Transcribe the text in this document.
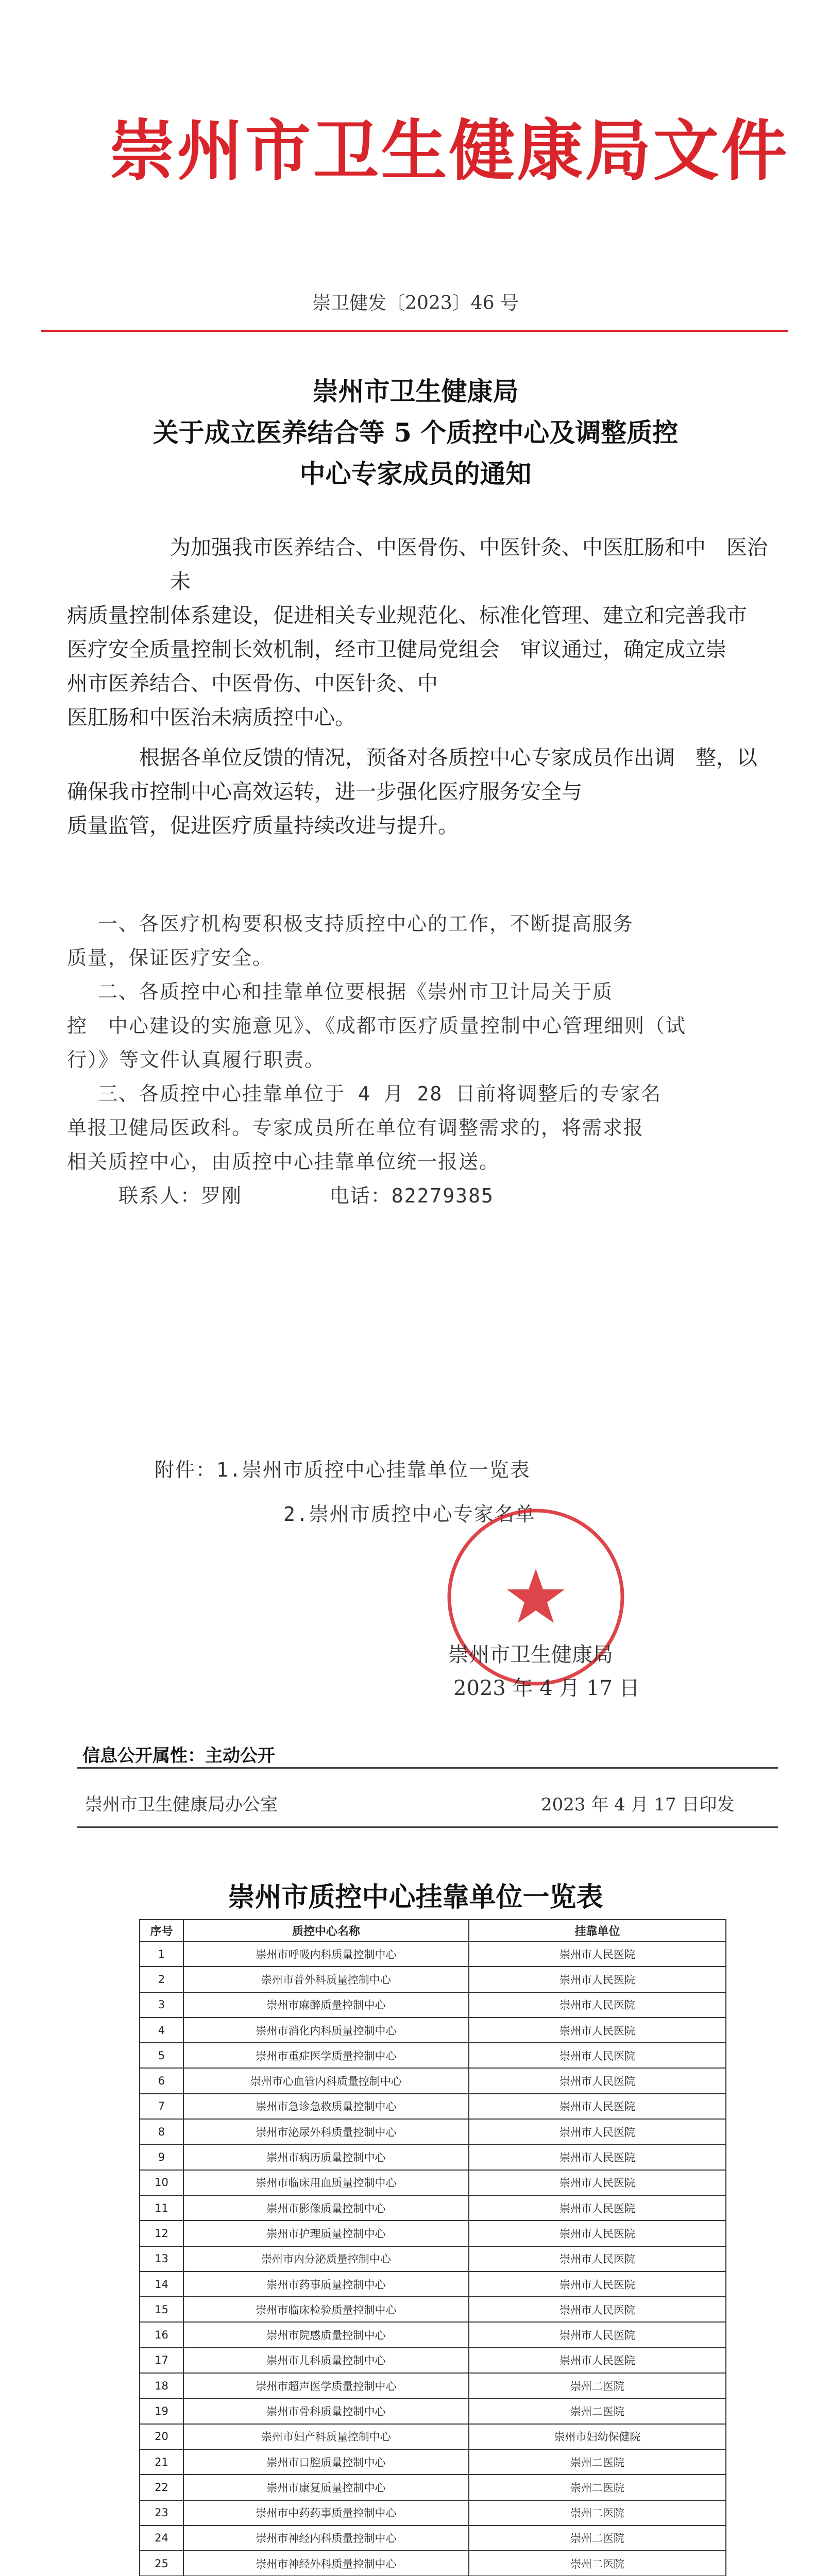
崇州市卫生健康局文件
崇卫健发〔2023〕46 号
崇州市卫生健康局
关于成立医养结合等 5 个质控中心及调整质控
中心专家成员的通知
为加强我市医养结合、中医骨伤、中医针灸、中医肛肠和中　医治未
病质量控制体系建设，促进相关专业规范化、标准化管理、建立和完善我市
医疗安全质量控制长效机制，经市卫健局党组会　审议通过，确定成立崇
州市医养结合、中医骨伤、中医针灸、中
医肛肠和中医治未病质控中心。
根据各单位反馈的情况，预备对各质控中心专家成员作出调　整，以
确保我市控制中心高效运转，进一步强化医疗服务安全与
质量监管，促进医疗质量持续改进与提升。
一、各医疗机构要积极支持质控中心的工作，不断提高服务
质量，保证医疗安全。
二、各质控中心和挂靠单位要根据《崇州市卫计局关于质
控　中心建设的实施意见》、《成都市医疗质量控制中心管理细则（试
行）》等文件认真履行职责。
三、各质控中心挂靠单位于 4 月 28 日前将调整后的专家名
单报卫健局医政科。专家成员所在单位有调整需求的，将需求报
相关质控中心，由质控中心挂靠单位统一报送。
联系人：罗刚	电话：82279385
附件：1.崇州市质控中心挂靠单位一览表
2.崇州市质控中心专家名单
崇州市卫生健康局
2023 年 4 月 17 日
信息公开属性：主动公开
崇州市卫生健康局办公室	2023 年 4 月 17 日印发
崇州市质控中心挂靠单位一览表
序号	质控中心名称	挂靠单位
1	崇州市呼吸内科质量控制中心	崇州市人民医院
2	崇州市普外科质量控制中心	崇州市人民医院
3	崇州市麻醉质量控制中心	崇州市人民医院
4	崇州市消化内科质量控制中心	崇州市人民医院
5	崇州市重症医学质量控制中心	崇州市人民医院
6	崇州市心血管内科质量控制中心	崇州市人民医院
7	崇州市急诊急救质量控制中心	崇州市人民医院
8	崇州市泌尿外科质量控制中心	崇州市人民医院
9	崇州市病历质量控制中心	崇州市人民医院
10	崇州市临床用血质量控制中心	崇州市人民医院
11	崇州市影像质量控制中心	崇州市人民医院
12	崇州市护理质量控制中心	崇州市人民医院
13	崇州市内分泌质量控制中心	崇州市人民医院
14	崇州市药事质量控制中心	崇州市人民医院
15	崇州市临床检验质量控制中心	崇州市人民医院
16	崇州市院感质量控制中心	崇州市人民医院
17	崇州市儿科质量控制中心	崇州市人民医院
18	崇州市超声医学质量控制中心	崇州二医院
19	崇州市骨科质量控制中心	崇州二医院
20	崇州市妇产科质量控制中心	崇州市妇幼保健院
21	崇州市口腔质量控制中心	崇州二医院
22	崇州市康复质量控制中心	崇州二医院
23	崇州市中药药事质量控制中心	崇州二医院
24	崇州市神经内科质量控制中心	崇州二医院
25	崇州市神经外科质量控制中心	崇州二医院
